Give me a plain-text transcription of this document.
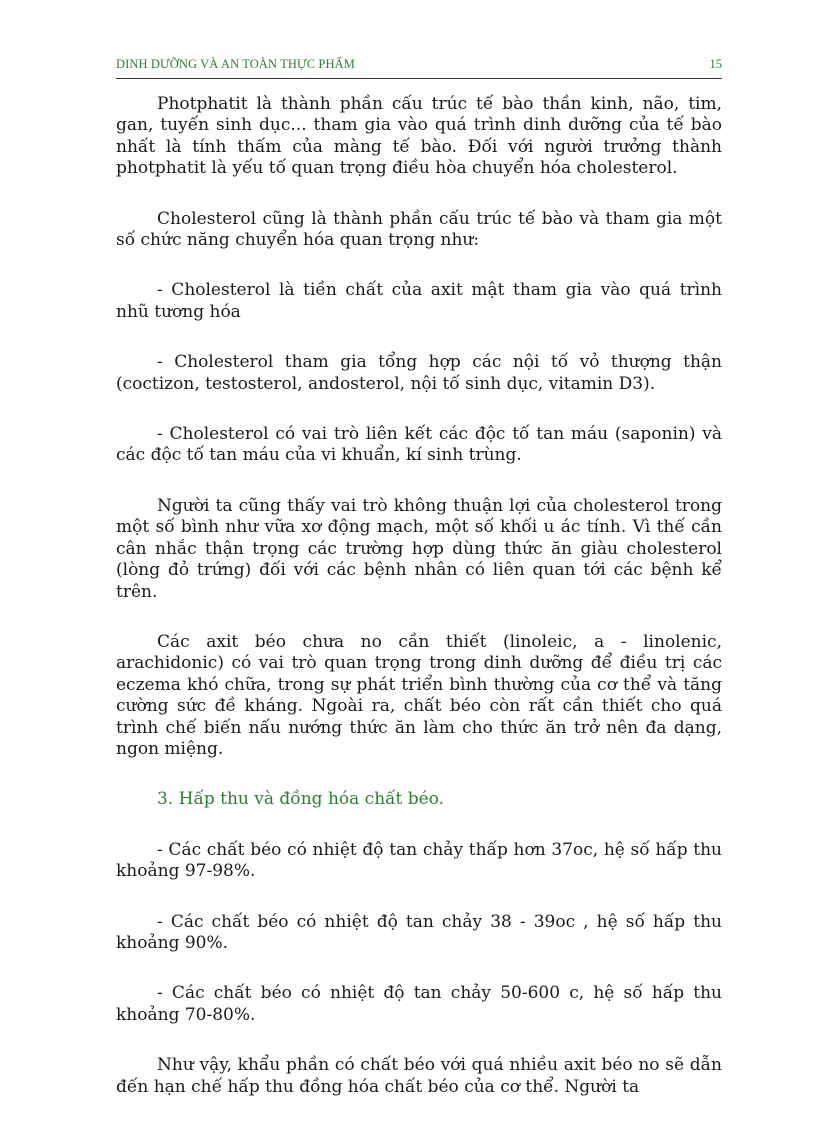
DINH DƯỠNG VÀ AN TOÀN THỰC PHẨM	15

Photphatit là thành phần cấu trúc tế bào thần kinh, não, tim, gan, tuyến sinh dục... tham gia vào quá trình dinh dưỡng của tế bào nhất là tính thấm của màng tế bào. Đối với người trưởng thành photphatit là yếu tố quan trọng điều hòa chuyển hóa cholesterol.

Cholesterol cũng là thành phần cấu trúc tế bào và tham gia một số chức năng chuyển hóa quan trọng như:

- Cholesterol là tiền chất của axit mật tham gia vào quá trình nhũ tương hóa

- Cholesterol tham gia tổng hợp các nội tố vỏ thượng thận (coctizon, testosterol, andosterol, nội tố sinh dục, vitamin D3).

- Cholesterol có vai trò liên kết các độc tố tan máu (saponin) và các độc tố tan máu của vi khuẩn, kí sinh trùng.

Người ta cũng thấy vai trò không thuận lợi của cholesterol trong một số bình như vữa xơ động mạch, một số khối u ác tính. Vì thế cần cân nhắc thận trọng các trường hợp dùng thức ăn giàu cholesterol (lòng đỏ trứng) đối với các bệnh nhân có liên quan tới các bệnh kể trên.

Các axit béo chưa no cần thiết (linoleic, a - linolenic, arachidonic) có vai trò quan trọng trong dinh dưỡng để điều trị các eczema khó chữa, trong sự phát triển bình thường của cơ thể và tăng cường sức đề kháng. Ngoài ra, chất béo còn rất cần thiết cho quá trình chế biến nấu nướng thức ăn làm cho thức ăn trở nên đa dạng, ngon miệng.

3. Hấp thu và đồng hóa chất béo.

- Các chất béo có nhiệt độ tan chảy thấp hơn 37oc, hệ số hấp thu khoảng 97-98%.

- Các chất béo có nhiệt độ tan chảy 38 - 39oc , hệ số hấp thu khoảng 90%.

- Các chất béo có nhiệt độ tan chảy 50-600 c, hệ số hấp thu khoảng 70-80%.

Như vậy, khẩu phần có chất béo với quá nhiều axit béo no sẽ dẫn đến hạn chế hấp thu đồng hóa chất béo của cơ thể. Người ta
